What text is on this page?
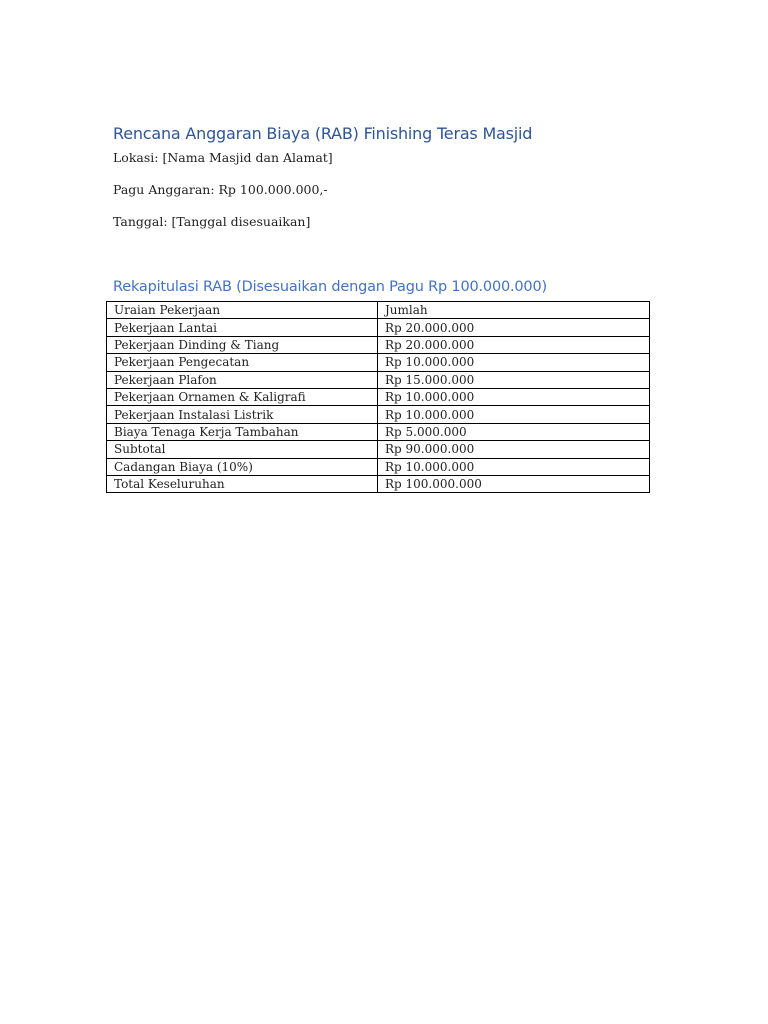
Rencana Anggaran Biaya (RAB) Finishing Teras Masjid
Lokasi: [Nama Masjid dan Alamat]
Pagu Anggaran: Rp 100.000.000,-
Tanggal: [Tanggal disesuaikan]
Rekapitulasi RAB (Disesuaikan dengan Pagu Rp 100.000.000)
Uraian Pekerjaan	Jumlah
Pekerjaan Lantai	Rp 20.000.000
Pekerjaan Dinding & Tiang	Rp 20.000.000
Pekerjaan Pengecatan	Rp 10.000.000
Pekerjaan Plafon	Rp 15.000.000
Pekerjaan Ornamen & Kaligrafi	Rp 10.000.000
Pekerjaan Instalasi Listrik	Rp 10.000.000
Biaya Tenaga Kerja Tambahan	Rp 5.000.000
Subtotal	Rp 90.000.000
Cadangan Biaya (10%)	Rp 10.000.000
Total Keseluruhan	Rp 100.000.000
